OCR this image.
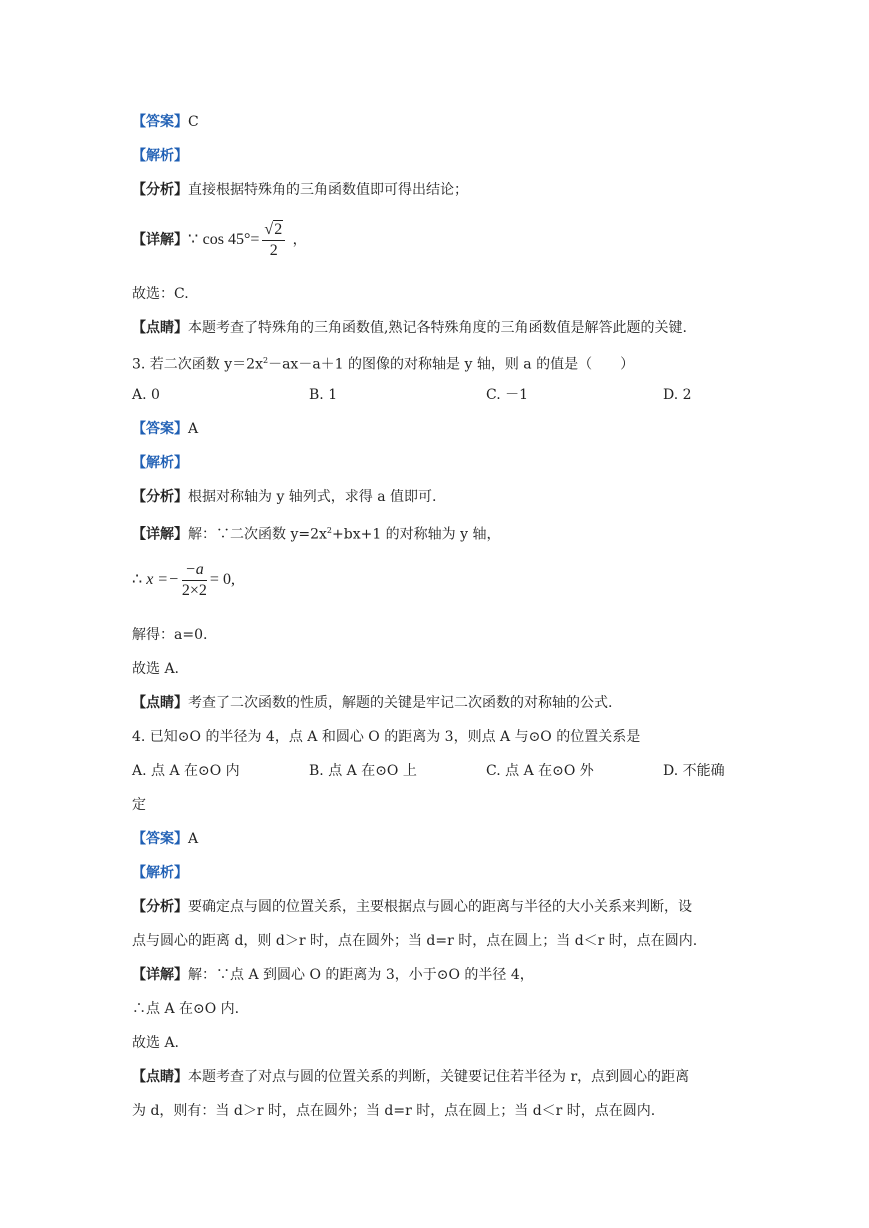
【答案】C
【解析】
【分析】直接根据特殊角的三角函数值即可得出结论；
【详解】∵ $\cos 45^\circ= \frac{√2}{2}$ ，
故选：C.
【点睛】本题考查了特殊角的三角函数值,熟记各特殊角度的三角函数值是解答此题的关键.
3. 若二次函数 $y=2x^2-ax-a+1$ 的图像的对称轴是 y 轴，则 a 的值是（　　）
A. 0	B. 1	C. －1	D. 2
【答案】A
【解析】
【分析】根据对称轴为 y 轴列式，求得 a 值即可.
【详解】解：∵二次函数 $y=2x^2+bx+1$ 的对称轴为 y 轴，
∴ $x =- \frac{-a}{2\times 2} = 0$,
解得：a=0.
故选 A.
【点睛】考查了二次函数的性质，解题的关键是牢记二次函数的对称轴的公式.
4. 已知⊙O 的半径为 4，点 A 和圆心 O 的距离为 3，则点 A 与⊙O 的位置关系是
A. 点 A 在⊙O 内	B. 点 A 在⊙O 上	C. 点 A 在⊙O 外	D. 不能确
定
【答案】A
【解析】
【分析】要确定点与圆的位置关系，主要根据点与圆心的距离与半径的大小关系来判断，设
点与圆心的距离 d，则 d＞r 时，点在圆外；当 d=r 时，点在圆上；当 d＜r 时，点在圆内.
【详解】解：∵点 A 到圆心 O 的距离为 3，小于⊙O 的半径 4，
∴点 A 在⊙O 内.
故选 A.
【点睛】本题考查了对点与圆的位置关系的判断，关键要记住若半径为 r，点到圆心的距离
为 d，则有：当 d＞r 时，点在圆外；当 d=r 时，点在圆上；当 d＜r 时，点在圆内.
